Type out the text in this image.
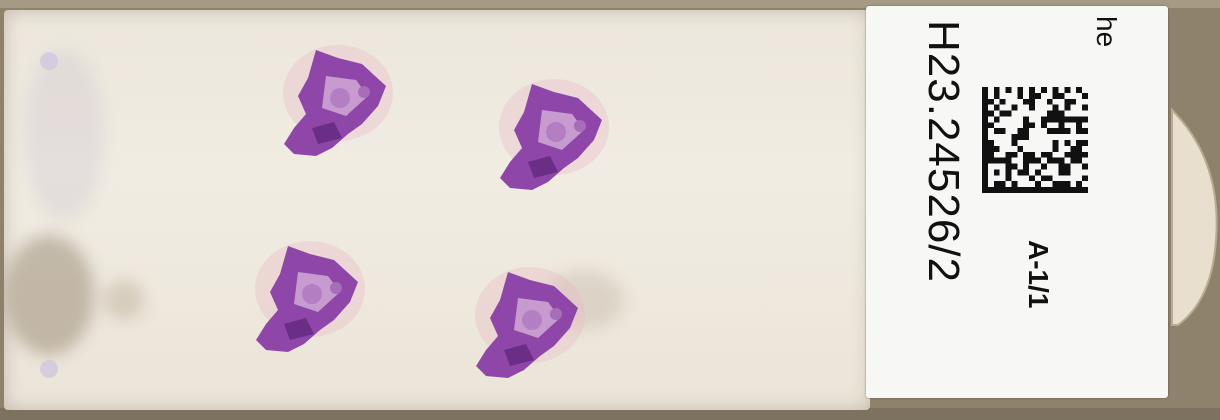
he
H23.24526/2 A-1/1
